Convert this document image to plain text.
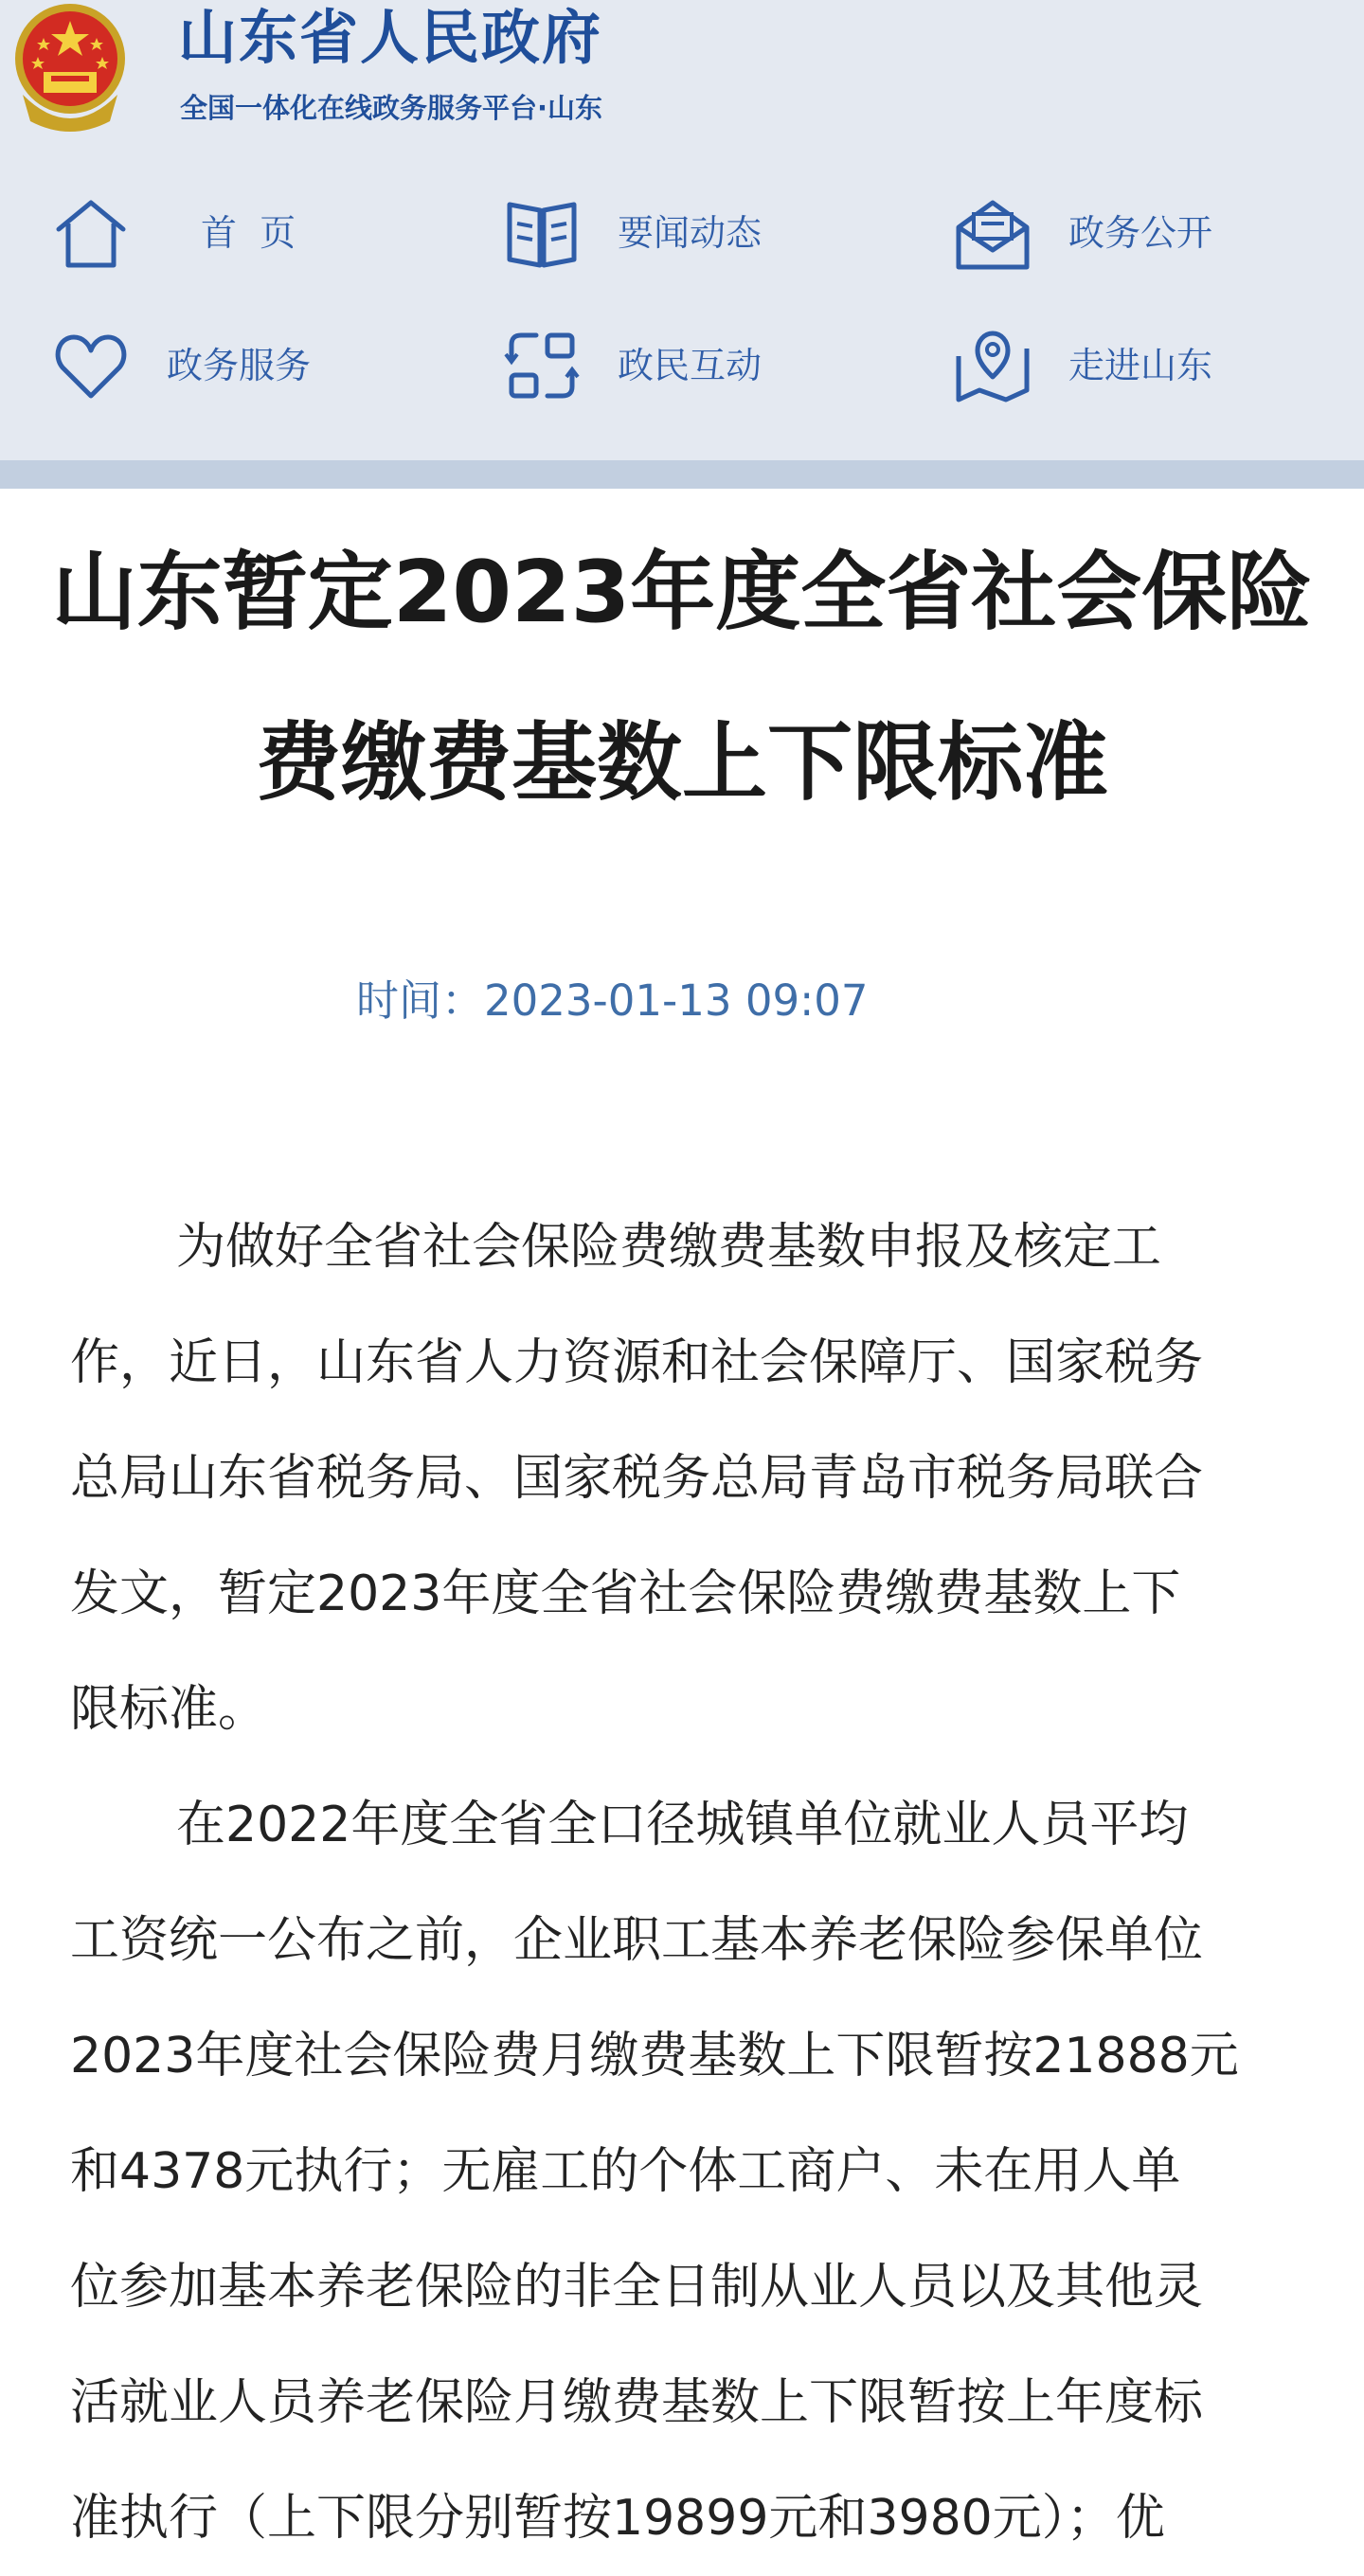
山东省人民政府
全国一体化在线政务服务平台·山东
首  页	要闻动态	政务公开
政务服务	政民互动	走进山东
山东暂定2023年度全省社会保险
费缴费基数上下限标准
时间：2023-01-13 09:07
为做好全省社会保险费缴费基数申报及核定工
作，近日，山东省人力资源和社会保障厅、国家税务
总局山东省税务局、国家税务总局青岛市税务局联合
发文，暂定2023年度全省社会保险费缴费基数上下
限标准。
在2022年度全省全口径城镇单位就业人员平均
工资统一公布之前，企业职工基本养老保险参保单位
2023年度社会保险费月缴费基数上下限暂按21888元
和4378元执行；无雇工的个体工商户、未在用人单
位参加基本养老保险的非全日制从业人员以及其他灵
活就业人员养老保险月缴费基数上下限暂按上年度标
准执行（上下限分别暂按19899元和3980元）；优
